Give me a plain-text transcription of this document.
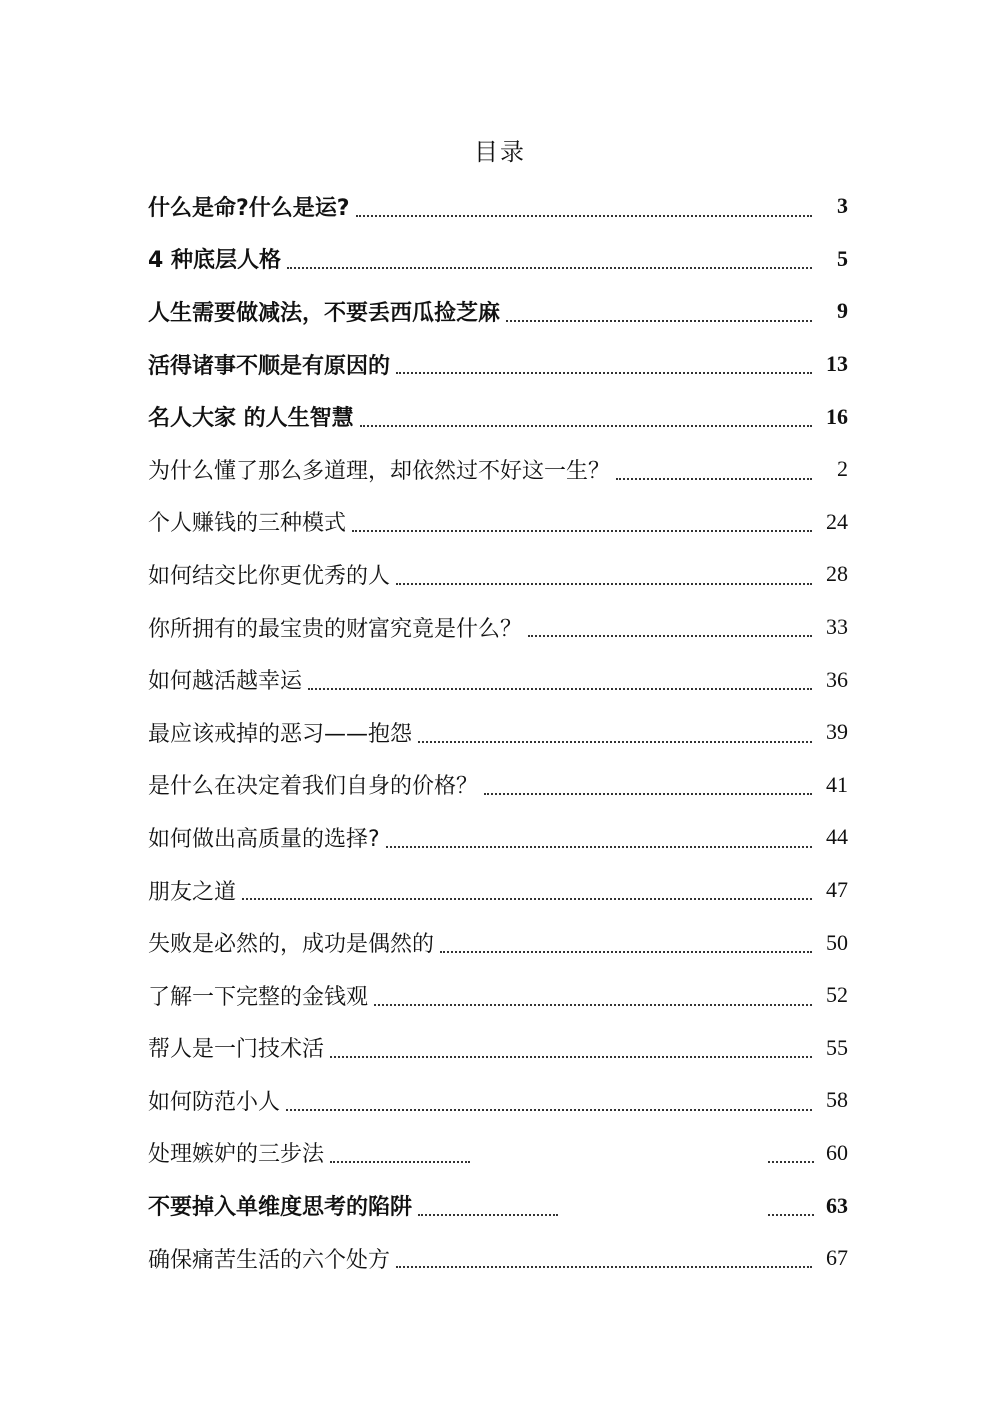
目录
什么是命?什么是运?	3
4 种底层人格	5
人生需要做减法，不要丢西瓜捡芝麻	9
活得诸事不顺是有原因的	13
名人大家 的人生智慧	16
为什么懂了那么多道理，却依然过不好这一生？	2
个人赚钱的三种模式	24
如何结交比你更优秀的人	28
你所拥有的最宝贵的财富究竟是什么？	33
如何越活越幸运	36
最应该戒掉的恶习——抱怨	39
是什么在决定着我们自身的价格？	41
如何做出高质量的选择?	44
朋友之道	47
失败是必然的，成功是偶然的	50
了解一下完整的金钱观	52
帮人是一门技术活	55
如何防范小人	58
处理嫉妒的三步法	60
不要掉入单维度思考的陷阱	63
确保痛苦生活的六个处方	67
